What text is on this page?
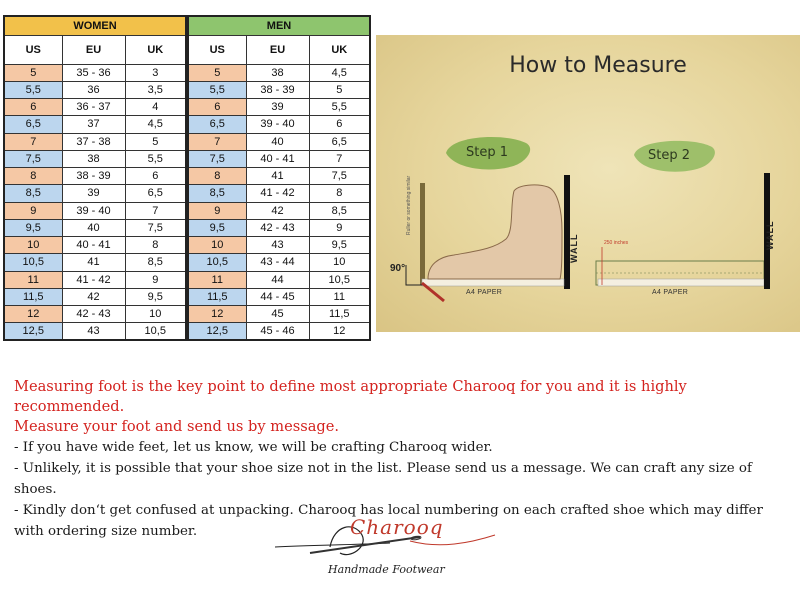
WOMEN		
US	EU	UK
5	35 - 36	3
5,5	36	3,5
6	36 - 37	4
6,5	37	4,5
7	37 - 38	5
7,5	38	5,5
8	38 - 39	6
8,5	39	6,5
9	39 - 40	7
9,5	40	7,5
10	40 - 41	8
10,5	41	8,5
11	41 - 42	9
11,5	42	9,5
12	42 - 43	10
12,5	43	10,5
MEN		
US	EU	UK
5	38	4,5
5,5	38 - 39	5
6	39	5,5
6,5	39 - 40	6
7	40	6,5
7,5	40 - 41	7
8	41	7,5
8,5	41 - 42	8
9	42	8,5
9,5	42 - 43	9
10	43	9,5
10,5	43 - 44	10
11	44	10,5
11,5	44 - 45	11
12	45	11,5
12,5	45 - 46	12
How to Measure
Step 1	Step 2
90°
A4 PAPER	A4 PAPER
WALL	WALL
Ruller or something similar
250 inches
Measuring foot is the key point to define most appropriate Charooq for you and it is highly recommended.
Measure your foot and send us by message.
- If you have wide feet, let us know, we will be crafting Charooq wider.
- Unlikely, it is possible that your shoe size not in the list. Please send us a message. We can craft any size of shoes.
- Kindly don‘t get confused at unpacking. Charooq has local numbering on each crafted shoe which may differ
with ordering size number.	Charooq
Handmade Footwear
